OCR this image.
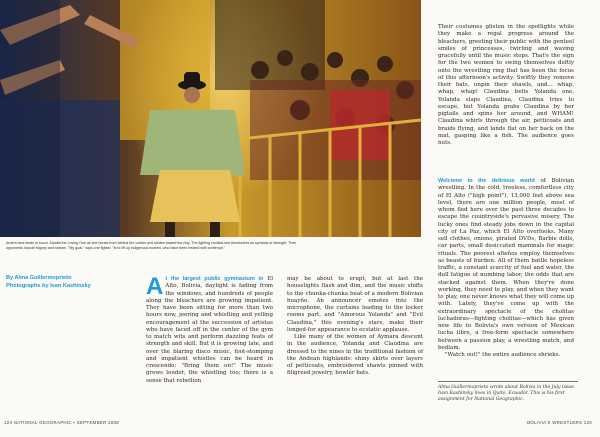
Ardent fans strain to touch Juanita the Loving One as she bursts from behind the curtain and strides toward the ring. The fighting cholitas see themselves as symbols of strength: Their opponents include bigotry and sexism. "My goal," says one fighter, "is to lift up indigenous women, who have been treated with contempt."

By Alma Guillermoprieto
Photographs by Ivan Kashinsky	At the largest public gymnasium in El Alto, Bolivia, daylight is fading from the windows, and hundreds of people along the bleachers are growing impatient. They have been sitting for more than two hours now, jeering and whistling and yelling encouragement at the succession of artistas who have faced off in the center of the gym to match wits and perform dazzling feats of strength and skill. But it is growing late, and over the blaring disco music, foot-stomping and impatient whistles can be heard in crescendo: "Bring them on!" The music grows louder, the whistling too; there is a sense that rebellion

may be about to erupt, but at last the houselights flash and dim, and the music shifts to the chunka-chunka beat of a modern Bolivian huayño. An announcer emotes into the microphone, the curtains leading to the locker rooms part, and "Amorous Yolanda" and "Evil Claudina," this evening's stars, make their longed-for appearance to ecstatic applause.

Like many of the women of Aymara descent in the audience, Yolanda and Claudina are dressed to the nines in the traditional fashion of the Andean highlands: shiny skirts over layers of petticoats, embroidered shawls pinned with filigreed jewelry, bowler hats.

Their costumes glisten in the spotlights while they make a regal progress around the bleachers, greeting their public with the genteel smiles of princesses, twirling and waving gracefully until the music stops. That's the sign for the two women to swing themselves deftly onto the wrestling ring that has been the focus of this afternoon's activity. Swiftly they remove their hats, unpin their shawls, and... whap, whap, whap! Claudina belts Yolanda one, Yolanda slaps Claudina, Claudina tries to escape, but Yolanda grabs Claudina by her pigtails and spins her around, and WHAM! Claudina whirls through the air, petticoats and braids flying, and lands flat on her back on the mat, gasping like a fish. The audience goes nuts.

Welcome to the delirious world of Bolivian wrestling. In the cold, treeless, comfortless city of El Alto ("high point"), 13,000 feet above sea level, there are one million people, most of whom fled here over the past three decades to escape the countryside's pervasive misery. The lucky ones find steady jobs down in the capital city of La Paz, which El Alto overlooks. Many sell clothes, onions, pirated DVDs, Barbie dolls, car parts, small desiccated mammals for magic rituals. The poorest alteños employ themselves as beasts of burden. All of them battle hopeless traffic, a constant scarcity of fuel and water, the dull fatigue of numbing labor, the odds that are stacked against them. When they're done working, they need to play, and when they want to play, one never knows what they will come up with. Lately, they've come up with the extraordinary spectacle of the cholitas luchadoras—fighting cholitas—which has given new life to Bolivia's own version of Mexican lucha libre, a free-form spectacle somewhere between a passion play, a wrestling match, and bedlam.

"Watch out!" the entire audience shrieks.

Alma Guillermoprieto wrote about Bolivia in the July issue. Ivan Kashinsky lives in Quito, Ecuador. This is his first assignment for National Geographic.
124 NATIONAL GEOGRAPHIC • SEPTEMBER 2008	BOLIVIA'S WRESTLERS 125
